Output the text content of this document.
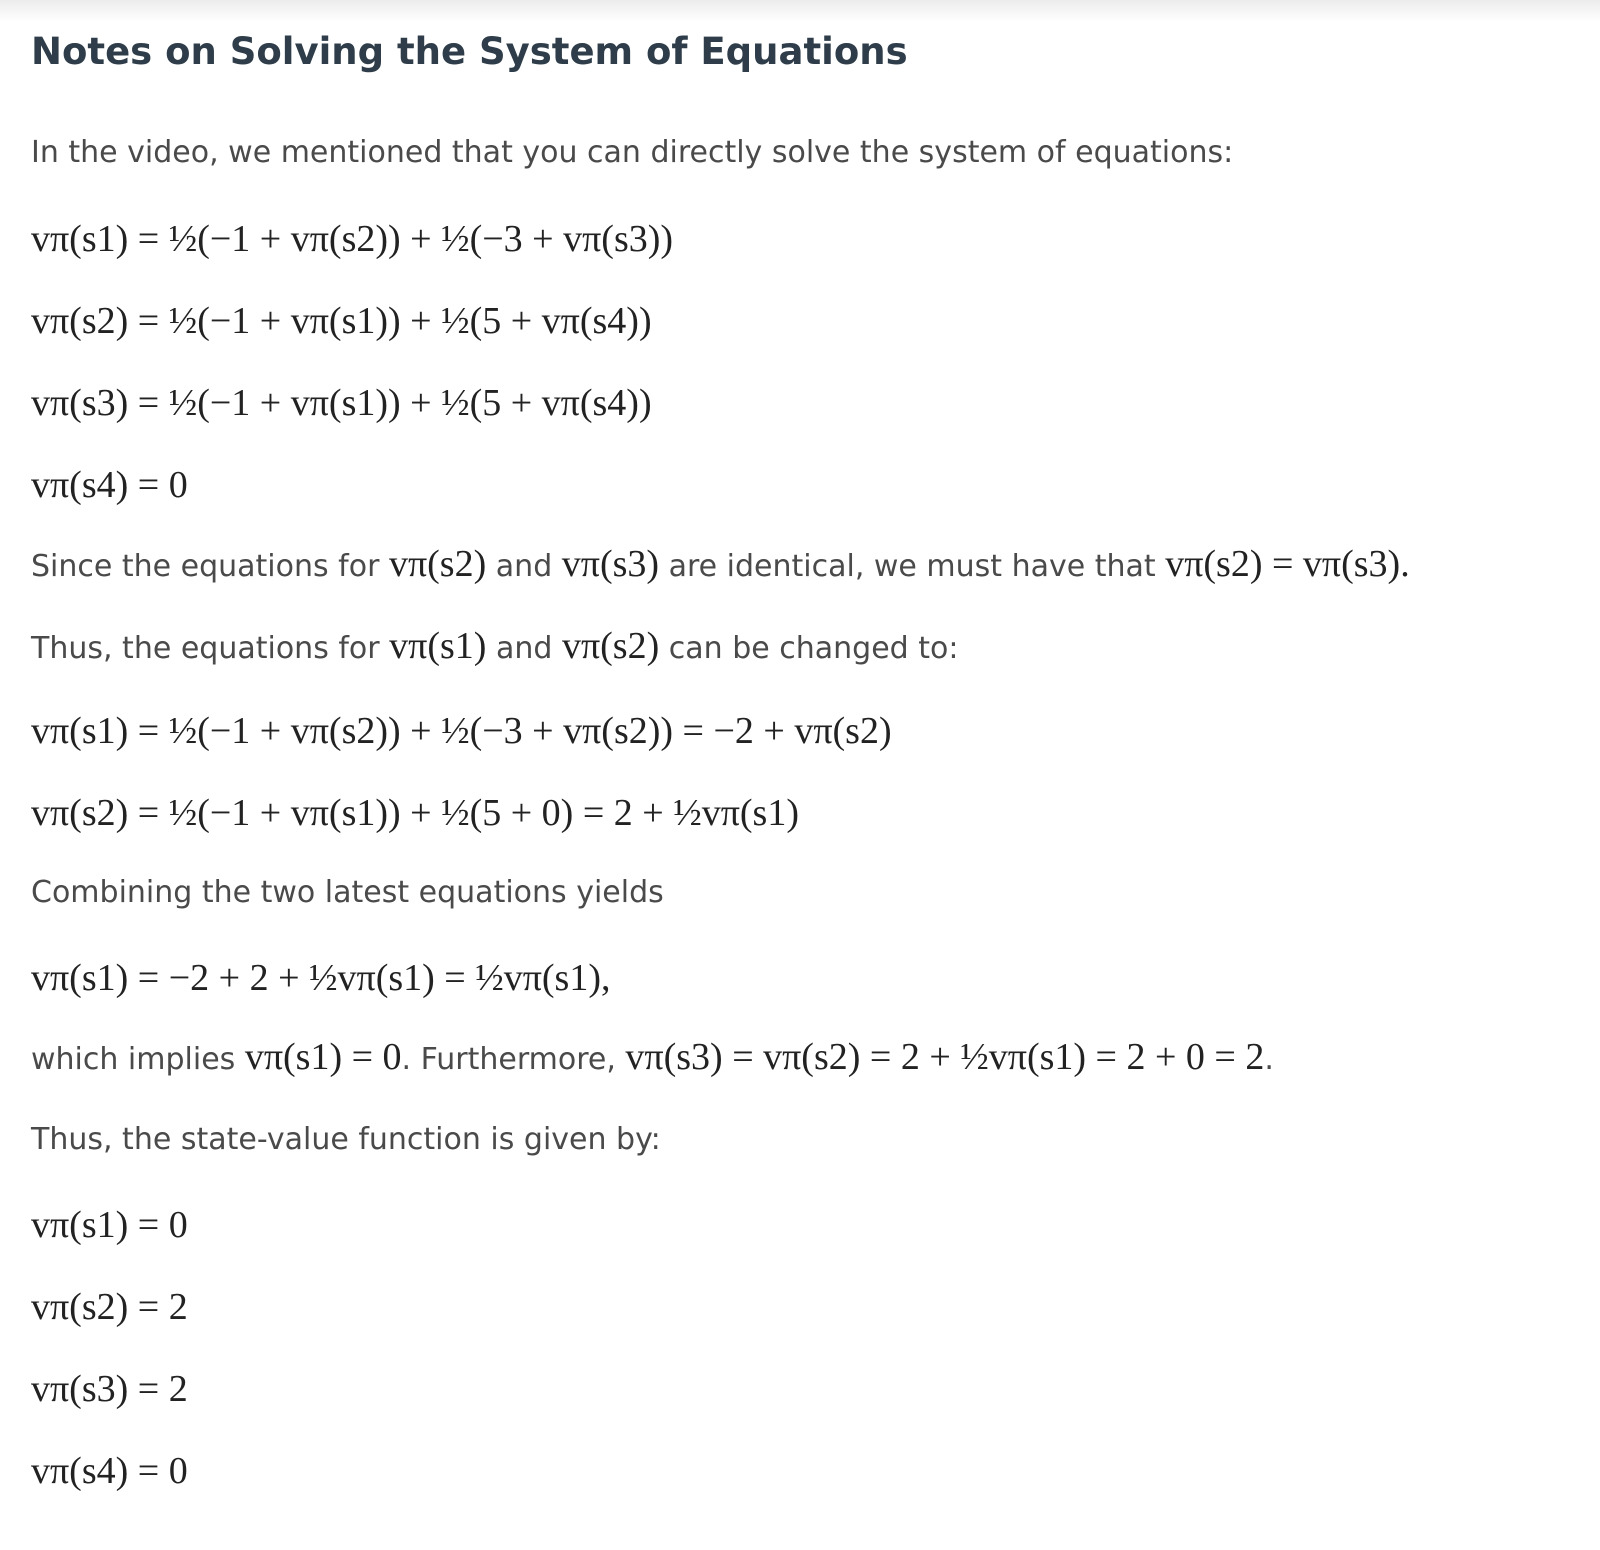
Notes on Solving the System of Equations

In the video, we mentioned that you can directly solve the system of equations:

vπ(s1) = ½(−1 + vπ(s2)) + ½(−3 + vπ(s3))
vπ(s2) = ½(−1 + vπ(s1)) + ½(5 + vπ(s4))
vπ(s3) = ½(−1 + vπ(s1)) + ½(5 + vπ(s4))
vπ(s4) = 0

Since the equations for vπ(s2) and vπ(s3) are identical, we must have that vπ(s2) = vπ(s3).

Thus, the equations for vπ(s1) and vπ(s2) can be changed to:

vπ(s1) = ½(−1 + vπ(s2)) + ½(−3 + vπ(s2)) = −2 + vπ(s2)
vπ(s2) = ½(−1 + vπ(s1)) + ½(5 + 0) = 2 + ½vπ(s1)

Combining the two latest equations yields

vπ(s1) = −2 + 2 + ½vπ(s1) = ½vπ(s1),

which implies vπ(s1) = 0. Furthermore, vπ(s3) = vπ(s2) = 2 + ½vπ(s1) = 2 + 0 = 2.

Thus, the state-value function is given by:

vπ(s1) = 0
vπ(s2) = 2
vπ(s3) = 2
vπ(s4) = 0
